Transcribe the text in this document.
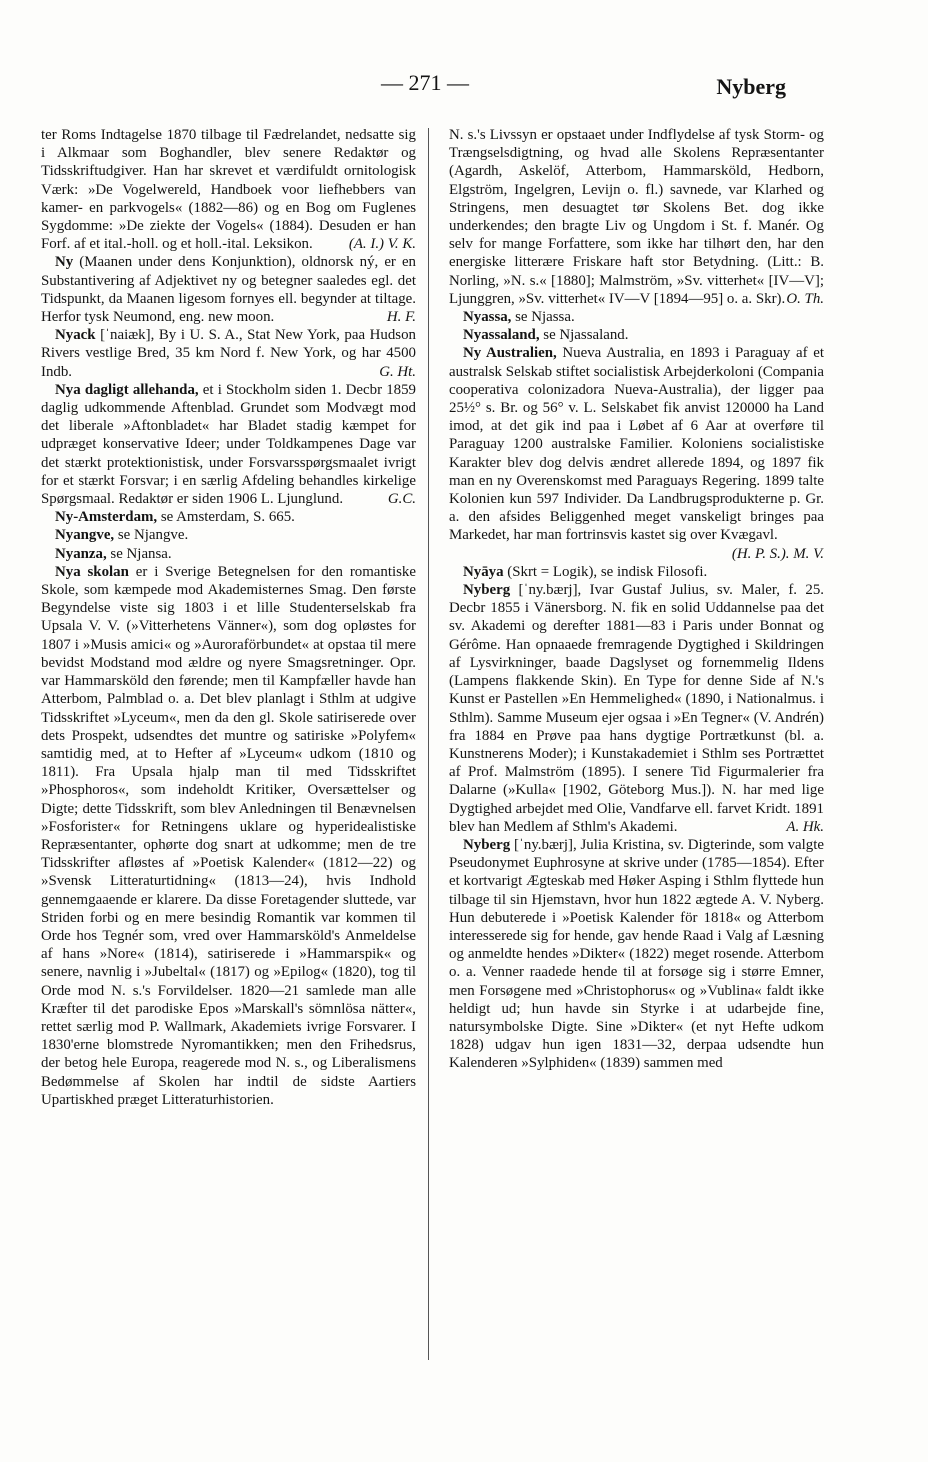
— 271 —	Nyberg

ter Roms Indtagelse 1870 tilbage til Fædrelandet, nedsatte sig i Alkmaar som Boghandler, blev senere Redaktør og Tidsskriftudgiver. Han har skrevet et værdifuldt ornitologisk Værk: »De Vogelwereld, Handboek voor liefhebbers van kamer- en parkvogels« (1882—86) og en Bog om Fuglenes Sygdomme: »De ziekte der Vogels« (1884). Desuden er han Forf. af et ital.-holl. og et holl.-ital. Leksikon. (A. I.) V. K.

Ny (Maanen under dens Konjunktion), oldnorsk ný, er en Substantivering af Adjektivet ny og betegner saaledes egl. det Tidspunkt, da Maanen ligesom fornyes ell. begynder at tiltage. Herfor tysk Neumond, eng. new moon.	H. F.

Nyack [ˈnaiæk], By i U. S. A., Stat New York, paa Hudson Rivers vestlige Bred, 35 km Nord f. New York, og har 4500 Indb.	G. Ht.

Nya dagligt allehanda, et i Stockholm siden 1. Decbr 1859 daglig udkommende Aftenblad. Grundet som Modvægt mod det liberale »Aftonbladet« har Bladet stadig kæmpet for udpræget konservative Ideer; under Toldkampenes Dage var det stærkt protektionistisk, under Forsvarsspørgsmaalet ivrigt for et stærkt Forsvar; i en særlig Afdeling behandles kirkelige Spørgsmaal. Redaktør er siden 1906 L. Ljunglund.	G.C.

Ny-Amsterdam, se Amsterdam, S. 665.

Nyangve, se Njangve.

Nyanza, se Njansa.

Nya skolan er i Sverige Betegnelsen for den romantiske Skole, som kæmpede mod Akademisternes Smag. Den første Begyndelse viste sig 1803 i et lille Studenterselskab fra Upsala V. V. (»Vitterhetens Vänner«), som dog opløstes for 1807 i »Musis amici« og »Auroraförbundet« at opstaa til mere bevidst Modstand mod ældre og nyere Smagsretninger. Opr. var Hammarsköld den førende; men til Kampfæller havde han Atterbom, Palmblad o. a. Det blev planlagt i Sthlm at udgive Tidsskriftet »Lyceum«, men da den gl. Skole satiriserede over dets Prospekt, udsendtes det muntre og satiriske »Polyfem« samtidig med, at to Hefter af »Lyceum« udkom (1810 og 1811). Fra Upsala hjalp man til med Tidsskriftet »Phosphoros«, som indeholdt Kritiker, Oversættelser og Digte; dette Tidsskrift, som blev Anledningen til Benævnelsen »Fosforister« for Retningens uklare og hyperidealistiske Repræsentanter, ophørte dog snart at udkomme; men de tre Tidsskrifter afløstes af »Poetisk Kalender« (1812—22) og »Svensk Litteraturtidning« (1813—24), hvis Indhold gennemgaaende er klarere. Da disse Foretagender sluttede, var Striden forbi og en mere besindig Romantik var kommen til Orde hos Tegnér som, vred over Hammarsköld's Anmeldelse af hans »Nore« (1814), satiriserede i »Hammarspik« og senere, navnlig i »Jubeltal« (1817) og »Epilog« (1820), tog til Orde mod N. s.'s Forvildelser. 1820—21 samlede man alle Kræfter til det parodiske Epos »Marskall's sömnlösa nätter«, rettet særlig mod P. Wallmark, Akademiets ivrige Forsvarer. I 1830'erne blomstrede Nyromantikken; men den Frihedsrus, der betog hele Europa, reagerede mod N. s., og Liberalismens Bedømmelse af Skolen har indtil de sidste Aartiers Upartiskhed præget Litteraturhistorien.

N. s.'s Livssyn er opstaaet under Indflydelse af tysk Storm- og Trængselsdigtning, og hvad alle Skolens Repræsentanter (Agardh, Askelöf, Atterbom, Hammarsköld, Hedborn, Elgström, Ingelgren, Levijn o. fl.) savnede, var Klarhed og Stringens, men desuagtet tør Skolens Bet. dog ikke underkendes; den bragte Liv og Ungdom i St. f. Manér. Og selv for mange Forfattere, som ikke har tilhørt den, har den energiske litterære Friskare haft stor Betydning. (Litt.: B. Norling, »N. s.« [1880]; Malmström, »Sv. vitterhet« [IV—V]; Ljunggren, »Sv. vitterhet« IV—V [1894—95] o. a. Skr). O. Th.

Nyassa, se Njassa.

Nyassaland, se Njassaland.

Ny Australien, Nueva Australia, en 1893 i Paraguay af et australsk Selskab stiftet socialistisk Arbejderkoloni (Compania cooperativa colonizadora Nueva-Australia), der ligger paa 25½° s. Br. og 56° v. L. Selskabet fik anvist 120000 ha Land imod, at det gik ind paa i Løbet af 6 Aar at overføre til Paraguay 1200 australske Familier. Koloniens socialistiske Karakter blev dog delvis ændret allerede 1894, og 1897 fik man en ny Overenskomst med Paraguays Regering. 1899 talte Kolonien kun 597 Individer. Da Landbrugsprodukterne p. Gr. a. den afsides Beliggenhed meget vanskeligt bringes paa Markedet, har man fortrinsvis kastet sig over Kvægavl.
(H. P. S.). M. V.

Nyāya (Skrt = Logik), se indisk Filosofi.

Nyberg [ˈny.bærj], Ivar Gustaf Julius, sv. Maler, f. 25. Decbr 1855 i Vänersborg. N. fik en solid Uddannelse paa det sv. Akademi og derefter 1881—83 i Paris under Bonnat og Gérôme. Han opnaaede fremragende Dygtighed i Skildringen af Lysvirkninger, baade Dagslyset og fornemmelig Ildens (Lampens flakkende Skin). En Type for denne Side af N.'s Kunst er Pastellen »En Hemmelighed« (1890, i Nationalmus. i Sthlm). Samme Museum ejer ogsaa i »En Tegner« (V. Andrén) fra 1884 en Prøve paa hans dygtige Portrætkunst (bl. a. Kunstnerens Moder); i Kunstakademiet i Sthlm ses Portrættet af Prof. Malmström (1895). I senere Tid Figurmalerier fra Dalarne (»Kulla« [1902, Göteborg Mus.]). N. har med lige Dygtighed arbejdet med Olie, Vandfarve ell. farvet Kridt. 1891 blev han Medlem af Sthlm's Akademi.	A. Hk.

Nyberg [ˈny.bærj], Julia Kristina, sv. Digterinde, som valgte Pseudonymet Euphrosyne at skrive under (1785—1854). Efter et kortvarigt Ægteskab med Høker Asping i Sthlm flyttede hun tilbage til sin Hjemstavn, hvor hun 1822 ægtede A. V. Nyberg. Hun debuterede i »Poetisk Kalender för 1818« og Atterbom interesserede sig for hende, gav hende Raad i Valg af Læsning og anmeldte hendes »Dikter« (1822) meget rosende. Atterbom o. a. Venner raadede hende til at forsøge sig i større Emner, men Forsøgene med »Christophorus« og »Vublina« faldt ikke heldigt ud; hun havde sin Styrke i at udarbejde fine, natursymbolske Digte. Sine »Dikter« (et nyt Hefte udkom 1828) udgav hun igen 1831—32, derpaa udsendte hun Kalenderen »Sylphiden« (1839) sammen med
